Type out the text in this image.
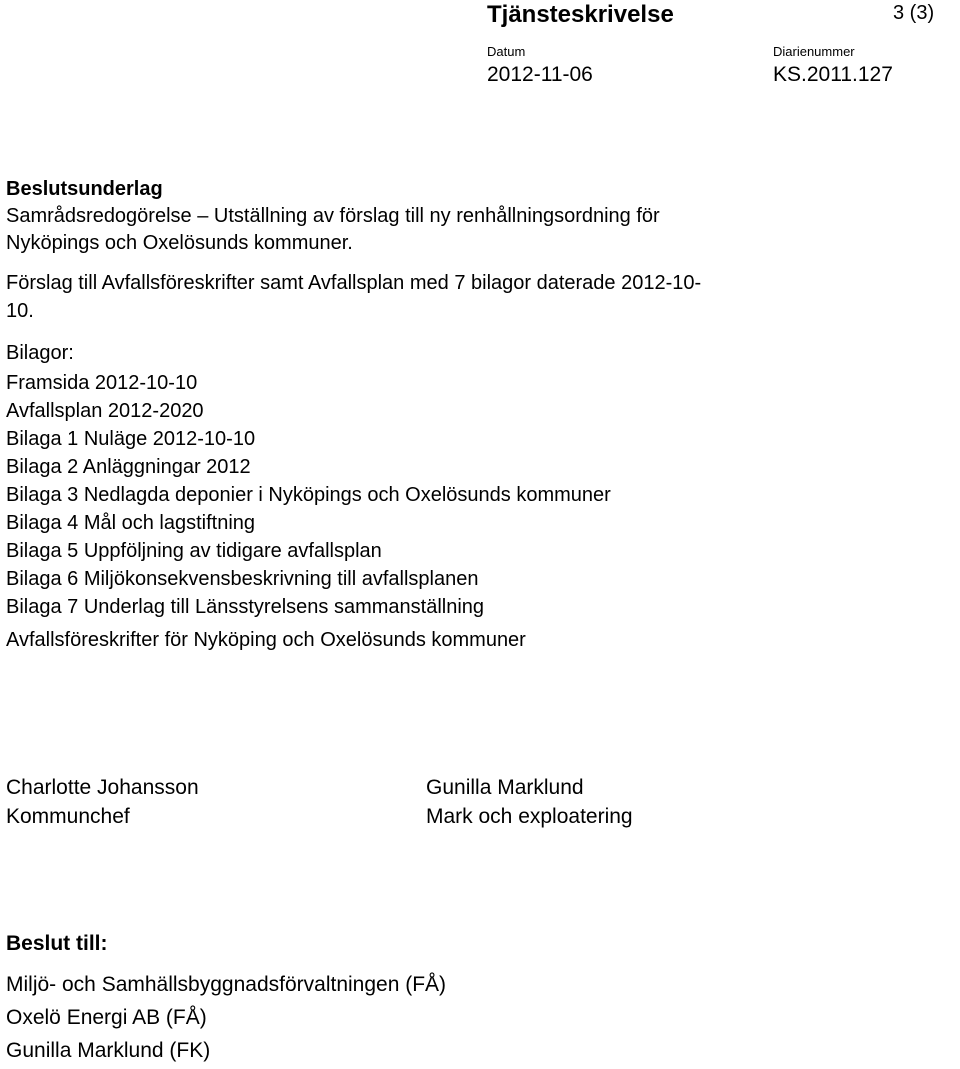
Tjänsteskrivelse	3 (3)
Datum
2012-11-06
Diarienummer
KS.2011.127
Beslutsunderlag
Samrådsredogörelse – Utställning av förslag till ny renhållningsordning för
Nyköpings och Oxelösunds kommuner.
Förslag till Avfallsföreskrifter samt Avfallsplan med 7 bilagor daterade 2012-10-
10.
Bilagor:
Framsida 2012-10-10
Avfallsplan 2012-2020
Bilaga 1 Nuläge 2012-10-10
Bilaga 2 Anläggningar 2012
Bilaga 3 Nedlagda deponier i Nyköpings och Oxelösunds kommuner
Bilaga 4 Mål och lagstiftning
Bilaga 5 Uppföljning av tidigare avfallsplan
Bilaga 6 Miljökonsekvensbeskrivning till avfallsplanen
Bilaga 7 Underlag till Länsstyrelsens sammanställning
Avfallsföreskrifter för Nyköping och Oxelösunds kommuner
Charlotte Johansson
Kommunchef
Gunilla Marklund
Mark och exploatering
Beslut till:
Miljö- och Samhällsbyggnadsförvaltningen (FÅ)
Oxelö Energi AB (FÅ)
Gunilla Marklund (FK)
